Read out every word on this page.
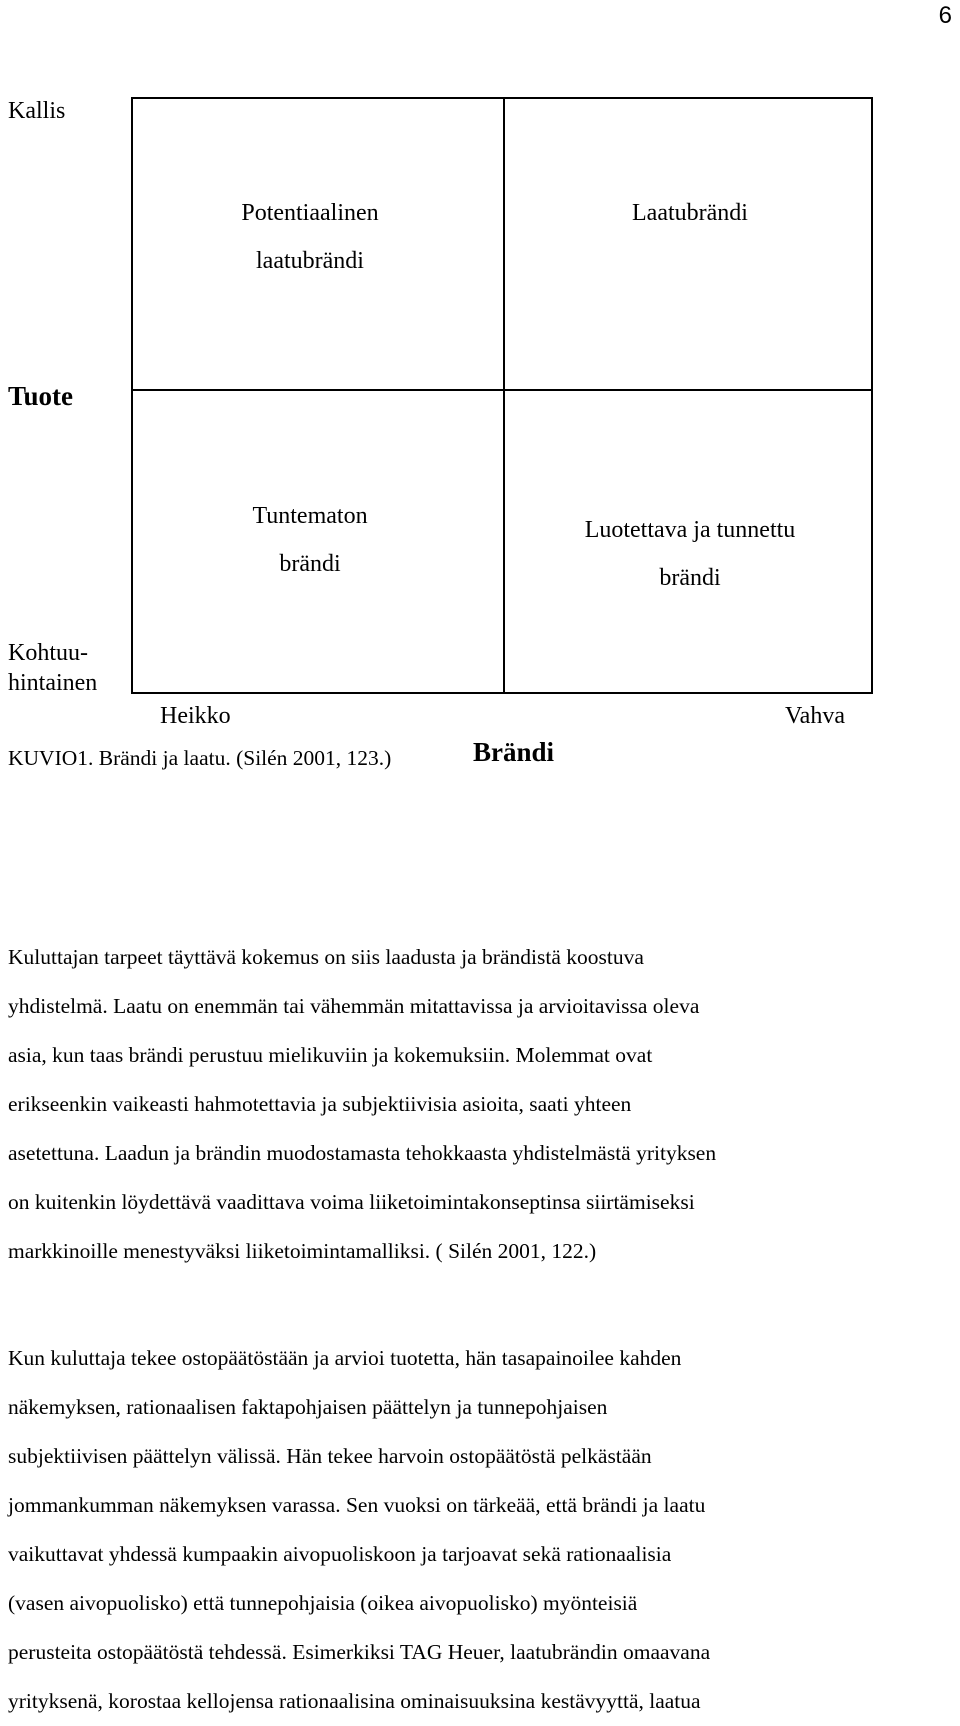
6
Kallis
Tuote
Kohtuu-
hintainen
Potentiaalinen
laatubrändi
Laatubrändi
Tuntematon
brändi
Luotettava ja tunnettu
brändi
Heikko	Vahva
Brändi
KUVIO1. Brändi ja laatu. (Silén 2001, 123.)
Kuluttajan tarpeet täyttävä kokemus on siis laadusta ja brändistä koostuva
yhdistelmä. Laatu on enemmän tai vähemmän mitattavissa ja arvioitavissa oleva
asia, kun taas brändi perustuu mielikuviin ja kokemuksiin. Molemmat ovat
erikseenkin vaikeasti hahmotettavia ja subjektiivisia asioita, saati yhteen
asetettuna. Laadun ja brändin muodostamasta tehokkaasta yhdistelmästä yrityksen
on kuitenkin löydettävä vaadittava voima liiketoimintakonseptinsa siirtämiseksi
markkinoille menestyväksi liiketoimintamalliksi. ( Silén 2001, 122.)
Kun kuluttaja tekee ostopäätöstään ja arvioi tuotetta, hän tasapainoilee kahden
näkemyksen, rationaalisen faktapohjaisen päättelyn ja tunnepohjaisen
subjektiivisen päättelyn välissä. Hän tekee harvoin ostopäätöstä pelkästään
jommankumman näkemyksen varassa. Sen vuoksi on tärkeää, että brändi ja laatu
vaikuttavat yhdessä kumpaakin aivopuoliskoon ja tarjoavat sekä rationaalisia
(vasen aivopuolisko) että tunnepohjaisia (oikea aivopuolisko) myönteisiä
perusteita ostopäätöstä tehdessä. Esimerkiksi TAG Heuer, laatubrändin omaavana
yrityksenä, korostaa kellojensa rationaalisina ominaisuuksina kestävyyttä, laatua
